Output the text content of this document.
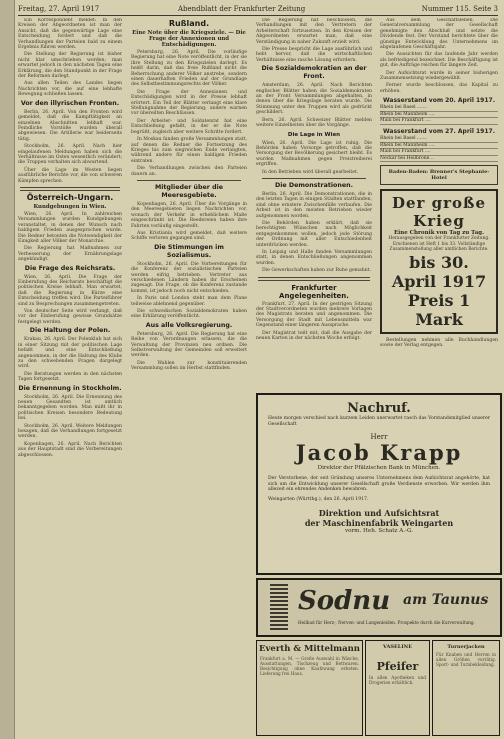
Freitag, 27. April 1917	Abendblatt der Frankfurter Zeitung	Nummer 115. Seite 3

Ein Korrespondent meldet: In den Kreisen der Abgeordneten ist man der Ansicht, daß die gegenwärtige Lage eine Entscheidung fordert und daß die Verhandlungen der Parteien bald zu einem Ergebnis führen werden.

Die Stellung der Regierung ist bisher nicht klar umschrieben worden; man erwartet jedoch in den nächsten Tagen eine Erklärung, die den Standpunkt in der Frage der Reformen darlegt.

Aus allen Teilen des Landes liegen Nachrichten vor, die auf eine lebhafte Bewegung schließen lassen.

Vor den illyrischen Fronten.

Berlin, 26. April. Von den Fronten wird gemeldet, daß die Kampftätigkeit an einzelnen Abschnitten lebhaft war. Feindliche Vorstöße wurden überall abgewiesen. Die Artillerie war beiderseits tätig.

Stockholm, 26. April. Nach hier eingelaufenen Meldungen haben sich die Verhältnisse im Osten wesentlich verändert; die Truppen verhalten sich abwartend.

Über die Lage im Westen liegen ausführliche Berichte vor, die von schweren Kämpfen sprechen.

Österreich-Ungarn.
Kundgebungen in Wien.

Wien, 26. April. In zahlreichen Versammlungen wurden Kundgebungen veranstaltet, in denen der Wunsch nach baldigem Frieden ausgesprochen wurde. Die Redner betonten die Notwendigkeit der Einigkeit aller Völker der Monarchie.

Die Regierung hat Maßnahmen zur Verbesserung der Ernährungslage angekündigt.

Die Frage des Reichsrats.

Wien, 26. April. Die Frage der Einberufung des Reichsrats beschäftigt die politischen Kreise lebhaft. Man erwartet, daß die Regierung in Kürze eine Entscheidung treffen wird. Die Parteiführer sind zu Besprechungen zusammengetreten.

Von deutscher Seite wird verlangt, daß vor der Einberufung gewisse Grundsätze festgelegt werden.

Die Haltung der Polen.

Krakau, 26. April. Der Polenklub hat sich in einer Sitzung mit der politischen Lage befaßt und eine Entschließung angenommen, in der die Haltung des Klubs zu den schwebenden Fragen dargelegt wird.

Die Beratungen werden in den nächsten Tagen fortgesetzt.

Die Ernennung in Stockholm.

Stockholm, 26. April. Die Ernennung des neuen Gesandten ist amtlich bekanntgegeben worden. Man mißt ihr in politischen Kreisen besondere Bedeutung bei.

Stockholm, 26. April. Weitere Meldungen besagen, daß die Verhandlungen fortgesetzt werden.

Kopenhagen, 26. April. Nach Berichten aus der Hauptstadt sind die Vorbereitungen abgeschlossen.

Rußland.
Eine Note über die Kriegsziele. — Die Frage der Annexionen und Entschädigungen.

Petersburg, 26. April. Die vorläufige Regierung hat eine Note veröffentlicht, in der sie ihre Stellung zu den Kriegszielen darlegt. Es heißt darin, daß das freie Rußland nicht die Beherrschung anderer Völker anstrebe, sondern einen dauerhaften Frieden auf der Grundlage des Selbstbestimmungsrechts der Völker.

Die Frage der Annexionen und Entschädigungen wird in der Presse lebhaft erörtert. Ein Teil der Blätter verlangt eine klare Stellungnahme der Regierung; andere warnen vor übereilten Beschlüssen.

Der Arbeiter- und Soldatenrat hat eine Entschließung gefaßt, in der er die Note begrüßt, zugleich aber weitere Schritte fordert.

In Moskau fanden große Versammlungen statt, auf denen die Redner die Fortsetzung des Krieges bis zum siegreichen Ende verlangten, während andere für einen baldigen Frieden eintraten.

Die Verhandlungen zwischen den Parteien dauern an.

Mitglieder über die Meeresgebiete.

Kopenhagen, 26. April. Über die Vorgänge in den Meeresgebieten liegen Nachrichten vor, wonach der Verkehr in erheblichem Maße eingeschränkt ist. Die Reedereien haben ihre Fahrten vorläufig eingestellt.

Aus Kristiania wird gemeldet, daß weitere Schiffe verloren gegangen sind.

Die Stimmungen im Sozialismus.

Stockholm, 26. April. Die Vorbereitungen für die Konferenz der sozialistischen Parteien werden eifrig betrieben. Vertreter aus verschiedenen Ländern haben ihr Erscheinen zugesagt. Die Frage, ob die Konferenz zustande kommt, ist jedoch noch nicht entschieden.

In Paris und London steht man dem Plane teilweise ablehnend gegenüber.

Die schwedischen Sozialdemokraten haben eine Erklärung veröffentlicht.

Aus alle Volksregierung.

Petersburg, 26. April. Die Regierung hat eine Reihe von Verordnungen erlassen, die die Verwaltung der Provinzen neu ordnen. Die Selbstverwaltung der Gemeinden soll erweitert werden.

Die Wahlen zur konstituierenden Versammlung sollen im Herbst stattfinden.

Die Regierung hat beschlossen, die Verhandlungen mit den Vertretern der Arbeiterschaft fortzusetzen. In den Kreisen der Abgeordneten erwartet man, daß eine Verständigung in naher Zukunft erzielt wird.

Die Presse bespricht die Lage ausführlich und hebt hervor, daß die wirtschaftlichen Verhältnisse eine rasche Lösung erfordern.

Die Sozialdemokratien an der Front.

Amsterdam, 26. April. Nach Berichten englischer Blätter haben die Sozialdemokraten an der Front Versammlungen abgehalten, in denen über die Kriegslage beraten wurde. Die Stimmung unter den Truppen wird als gedrückt geschildert.

Bern, 26. April. Schweizer Blätter melden weitere Einzelheiten über die Vorgänge.

Die Lage in Wien

Wien, 26. April. Die Lage ist ruhig. Die Behörden haben Vorsorge getroffen, daß die Versorgung der Bevölkerung gesichert bleibt. Es wurden Maßnahmen gegen Preistreiberei ergriffen.

In den Betrieben wird überall gearbeitet.

Die Demonstrationen.

Berlin, 26. April. Die Demonstrationen, die in den letzten Tagen in einigen Städten stattfanden, sind ohne ernstere Zwischenfälle verlaufen. Die Arbeit ist in den meisten Betrieben wieder aufgenommen worden.

Die Behörden haben erklärt, daß sie berechtigten Wünschen nach Möglichkeit entgegenkommen wollen, jedoch jede Störung der Ordnung mit aller Entschiedenheit unterdrücken werden.

In Leipzig und Halle fanden Versammlungen statt, in denen Entschließungen angenommen wurden.

Die Gewerkschaften haben zur Ruhe gemahnt.

Frankfurter Angelegenheiten.

Frankfurt, 27. April. In der gestrigen Sitzung der Stadtverordneten wurden mehrere Vorlagen des Magistrats beraten und angenommen. Die Versorgung der Stadt mit Lebensmitteln war Gegenstand einer längeren Aussprache.

Der Magistrat teilt mit, daß die Ausgabe der neuen Karten in der nächsten Woche erfolgt.

Aus dem Geschäftsleben. Die Generalversammlung der Gesellschaft genehmigte den Abschluß und setzte die Dividende fest. Der Vorstand berichtete über die günstige Entwicklung des Unternehmens im abgelaufenen Geschäftsjahr.

Die Aussichten für das laufende Jahr werden als befriedigend bezeichnet. Die Beschäftigung ist gut, die Aufträge reichen für längere Zeit.

Der Aufsichtsrat wurde in seiner bisherigen Zusammensetzung wiedergewählt.

Ferner wurde beschlossen, das Kapital zu erhöhen.

Wasserstand vom 20. April 1917.
Rhein bei Basel .......
Rhein bei Mannheim ....
Main bei Frankfurt ....
Wasserstand vom 27. April 1917.
Rhein bei Basel .......
Rhein bei Mannheim ....
Main bei Frankfurt ....
Neckar bei Heilbronn ..
Baden-Baden: Brenner's Stephanie-Hotel
Der große Krieg
Eine Chronik von Tag zu Tag.
Herausgegeben von der Frankfurter Zeitung. Erschienen ist Heft 1 bis 33. Vollständige Zusammenstellung aller amtlichen Berichte.
bis 30. April 1917
Preis 1 Mark

Bestellungen nehmen alle Buchhandlungen sowie der Verlag entgegen.

Nachruf.
Heute morgen verschied nach kurzem Leiden unerwartet rasch das Vorstandsmitglied unserer Gesellschaft
Herr
Jacob Krapp
Direktor der Pfälzischen Bank in München.
Der Verstorbene, der seit Gründung unseres Unternehmens dem Aufsichtsrat angehörte, hat sich um die Entwicklung unserer Gesellschaft große Verdienste erworben. Wir werden ihm allezeit ein ehrendes Andenken bewahren.
Weingarten (Württbg.), den 26. April 1917.
Direktion und Aufsichtsrat
der Maschinenfabrik Weingarten
vorm. Heh. Schatz A.-G.
Sodnu am Taunus
Heilbad für Herz-, Nerven- und Lungenleiden. Prospekte durch die Kurverwaltung.
Everth & Mittelmann
Frankfurt a. M. — Große Auswahl in Wäsche, Ausstattungen, Tischzeug und Bettwaren. Besichtigung ohne Kaufzwang erbeten. Lieferung frei Haus.
VASELINE
Pfeifer
In allen Apotheken und Drogerien erhältlich.
Turnerjacken
Für Knaben und Herren in allen Größen vorrätig. Sport- und Turnbekleidung.
